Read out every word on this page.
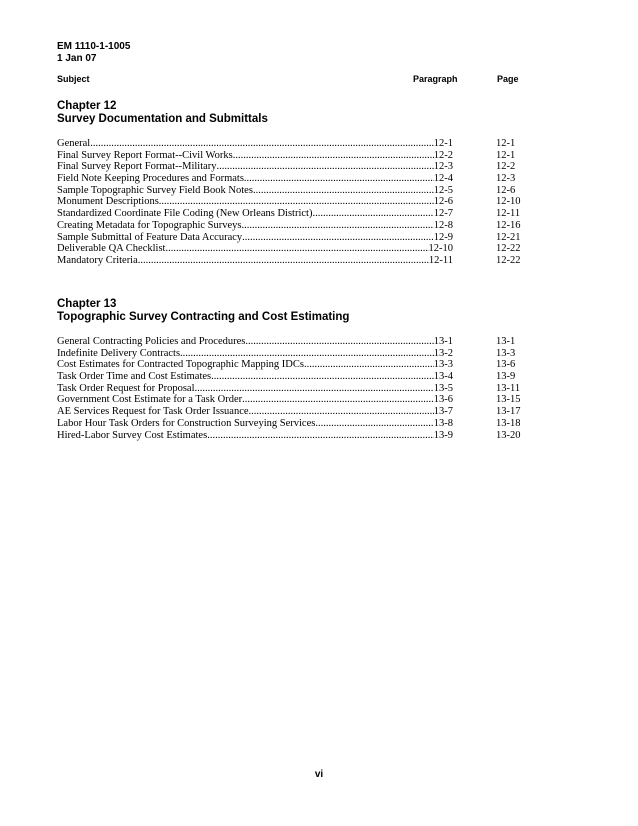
EM 1110-1-1005
1 Jan 07
Subject	Paragraph	Page
Chapter 12
Survey Documentation and Submittals
General .....	12-1	12-1
Final Survey Report Format--Civil Works .....	12-2	12-1
Final Survey Report Format--Military .....	12-3	12-2
Field Note Keeping Procedures and Formats .....	12-4	12-3
Sample Topographic Survey Field Book Notes .....	12-5	12-6
Monument Descriptions .....	12-6	12-10
Standardized Coordinate File Coding (New Orleans District) .....	12-7	12-11
Creating Metadata for Topographic Surveys .....	12-8	12-16
Sample Submittal of Feature Data Accuracy .....	12-9	12-21
Deliverable QA Checklist .....	12-10	12-22
Mandatory Criteria .....	12-11	12-22
Chapter 13
Topographic Survey Contracting and Cost Estimating
General Contracting Policies and Procedures .....	13-1	13-1
Indefinite Delivery Contracts .....	13-2	13-3
Cost Estimates for Contracted Topographic Mapping IDCs .....	13-3	13-6
Task Order Time and Cost Estimates .....	13-4	13-9
Task Order Request for Proposal .....	13-5	13-11
Government Cost Estimate for a Task Order .....	13-6	13-15
AE Services Request for Task Order Issuance .....	13-7	13-17
Labor Hour Task Orders for Construction Surveying Services .....	13-8	13-18
Hired-Labor Survey Cost Estimates .....	13-9	13-20
vi
